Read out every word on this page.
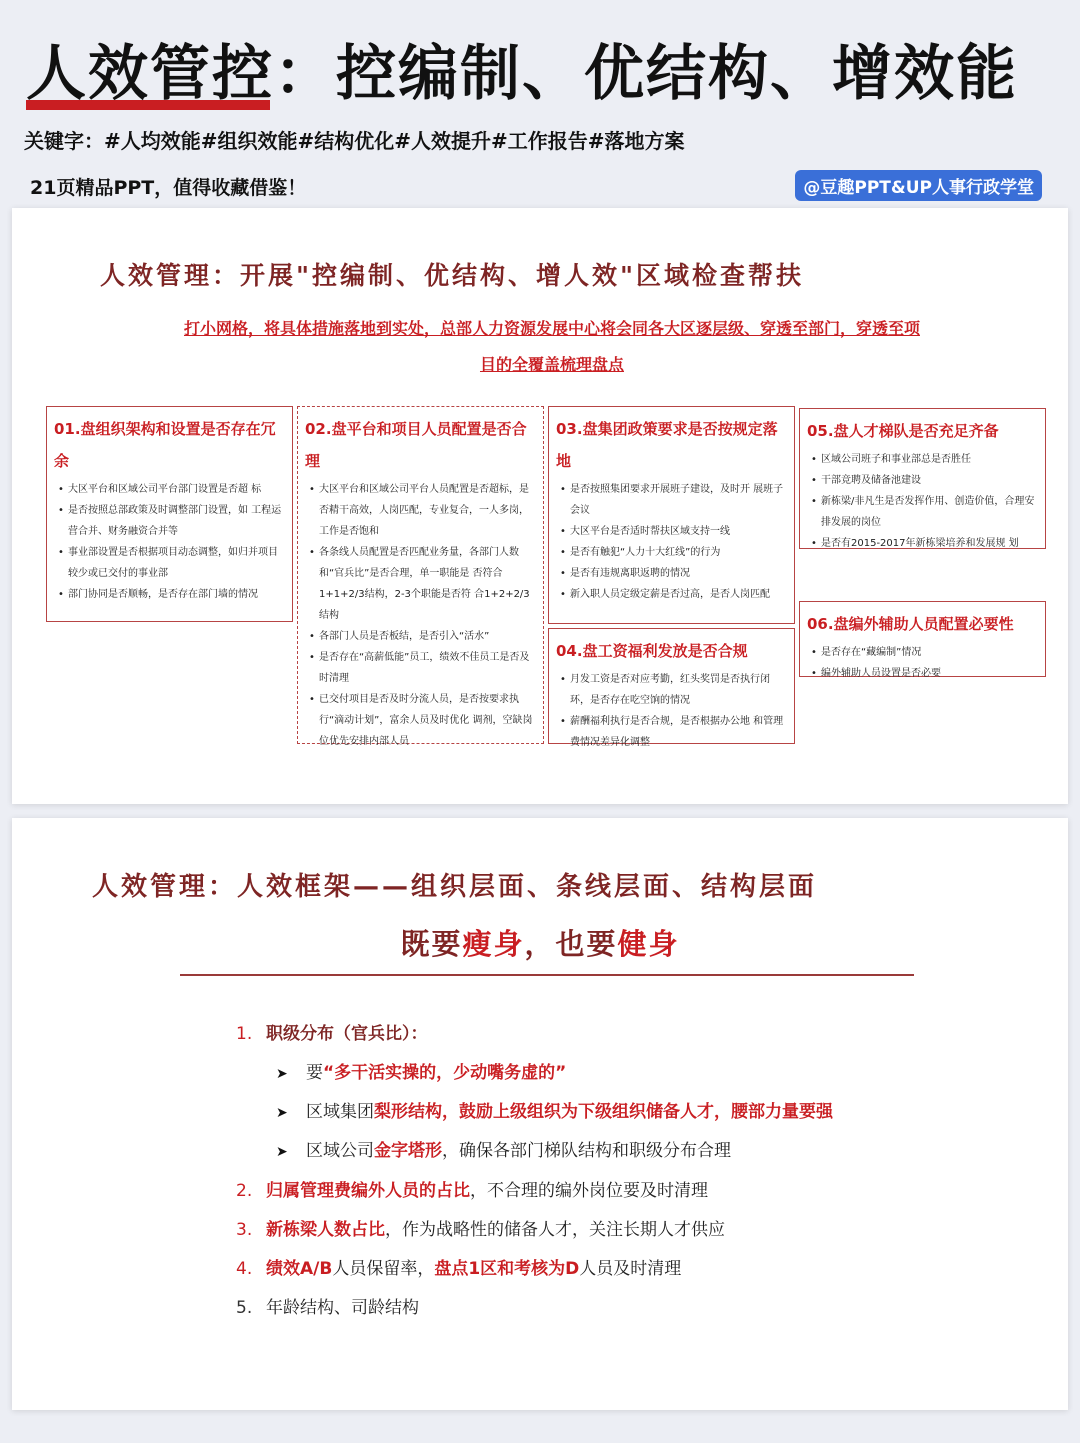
人效管控：控编制、优结构、增效能
关键字：#人均效能#组织效能#结构优化#人效提升#工作报告#落地方案
21页精品PPT，值得收藏借鉴！	@豆趣PPT&UP人事行政学堂
人效管理：开展"控编制、优结构、增人效"区域检查帮扶
打小网格，将具体措施落地到实处，总部人力资源发展中心将会同各大区逐层级、穿透至部门，穿透至项
目的全覆盖梳理盘点
01.盘组织架构和设置是否存在冗余
• 大区平台和区域公司平台部门设置是否超 标
• 是否按照总部政策及时调整部门设置，如 工程运营合并、财务融资合并等
• 事业部设置是否根据项目动态调整，如归并项目较少或已交付的事业部
• 部门协同是否顺畅，是否存在部门墙的情况
02.盘平台和项目人员配置是否合理
• 大区平台和区域公司平台人员配置是否超标，是否精干高效，人岗匹配，专业复合，一人多岗，工作是否饱和
• 各条线人员配置是否匹配业务量，各部门人数和“官兵比”是否合理，单一职能是 否符合1+1+2/3结构，2-3个职能是否符 合1+2+2/3结构
• 各部门人员是否板结，是否引入“活水”
• 是否存在“高薪低能”员工，绩效不佳员工是否及时清理
• 已交付项目是否及时分流人员，是否按要求执行“滴动计划”，富余人员及时优化 调剂，空缺岗位优先安排内部人员
03.盘集团政策要求是否按规定落地
• 是否按照集团要求开展班子建设，及时开 展班子会议
• 大区平台是否适时帮扶区域支持一线
• 是否有触犯“人力十大红线”的行为
• 是否有违规离职返聘的情况
• 新入职人员定级定薪是否过高，是否人岗匹配
04.盘工资福利发放是否合规
• 月发工资是否对应考勤，红头奖罚是否执行闭环，是否存在吃空饷的情况
• 薪酬福利执行是否合规，是否根据办公地 和管理费情况差异化调整
05.盘人才梯队是否充足齐备
• 区域公司班子和事业部总是否胜任
• 干部竞聘及储备池建设
• 新栋梁/非凡生是否发挥作用、创造价值，合理安排发展的岗位
• 是否有2015-2017年新栋梁培养和发展规 划
06.盘编外辅助人员配置必要性
• 是否存在“藏编制”情况
• 编外辅助人员设置是否必要
人效管理：人效框架——组织层面、条线层面、结构层面
既要瘦身，也要健身
1. 职级分布（官兵比）：
➤ 要“多干活实操的，少动嘴务虚的”
➤ 区域集团梨形结构，鼓励上级组织为下级组织储备人才，腰部力量要强
➤ 区域公司金字塔形，确保各部门梯队结构和职级分布合理
2. 归属管理费编外人员的占比，不合理的编外岗位要及时清理
3. 新栋梁人数占比，作为战略性的储备人才，关注长期人才供应
4. 绩效A/B人员保留率，盘点1区和考核为D人员及时清理
5. 年龄结构、司龄结构
